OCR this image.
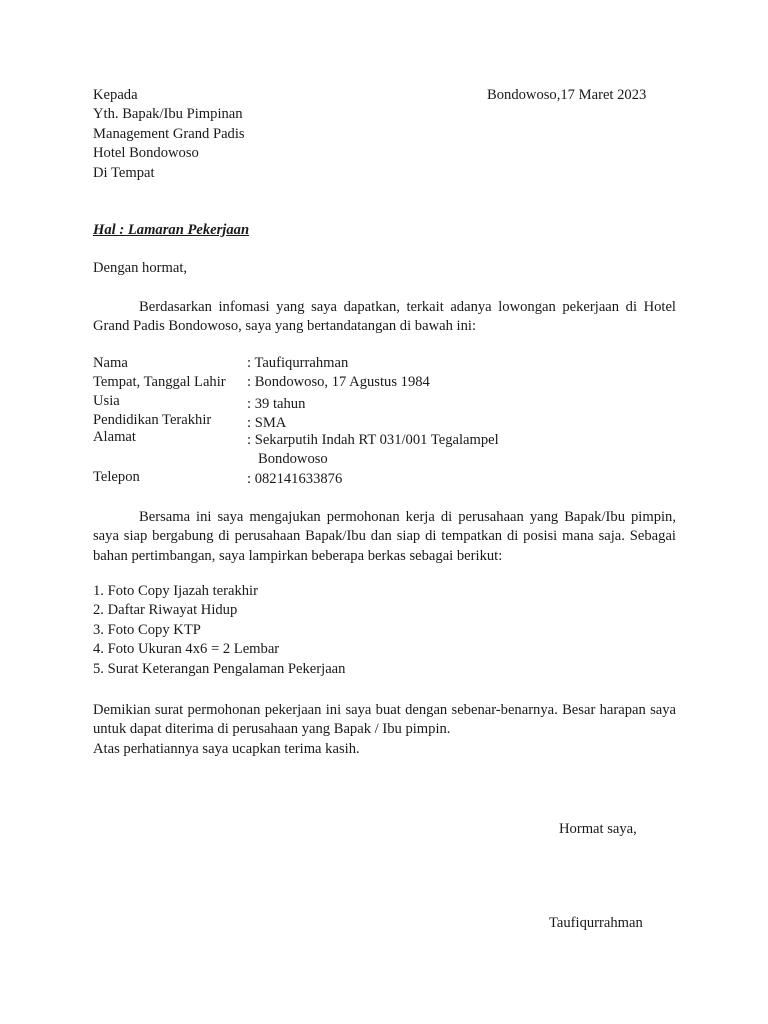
Kepada
Yth. Bapak/Ibu Pimpinan
Management Grand Padis
Hotel Bondowoso
Di Tempat
Bondowoso,17 Maret 2023
Hal : Lamaran Pekerjaan
Dengan hormat,
Berdasarkan infomasi yang saya dapatkan, terkait adanya lowongan pekerjaan di Hotel Grand Padis Bondowoso, saya yang bertandatangan di bawah ini:
Nama	: Taufiqurrahman
Tempat, Tanggal Lahir : Bondowoso, 17 Agustus 1984
Usia	: 39 tahun
Pendidikan Terakhir : SMA
Alamat	: Sekarputih Indah RT 031/001 Tegalampel
Bondowoso
Telepon	: 082141633876
Bersama ini saya mengajukan permohonan kerja di perusahaan yang Bapak/Ibu pimpin, saya siap bergabung di perusahaan Bapak/Ibu dan siap di tempatkan di posisi mana saja. Sebagai bahan pertimbangan, saya lampirkan beberapa berkas sebagai berikut:
1. Foto Copy Ijazah terakhir
2. Daftar Riwayat Hidup
3. Foto Copy KTP
4. Foto Ukuran 4x6 = 2 Lembar
5. Surat Keterangan Pengalaman Pekerjaan
Demikian surat permohonan pekerjaan ini saya buat dengan sebenar-benarnya. Besar harapan saya untuk dapat diterima di perusahaan yang Bapak / Ibu pimpin.
Atas perhatiannya saya ucapkan terima kasih.
Hormat saya,
Taufiqurrahman
